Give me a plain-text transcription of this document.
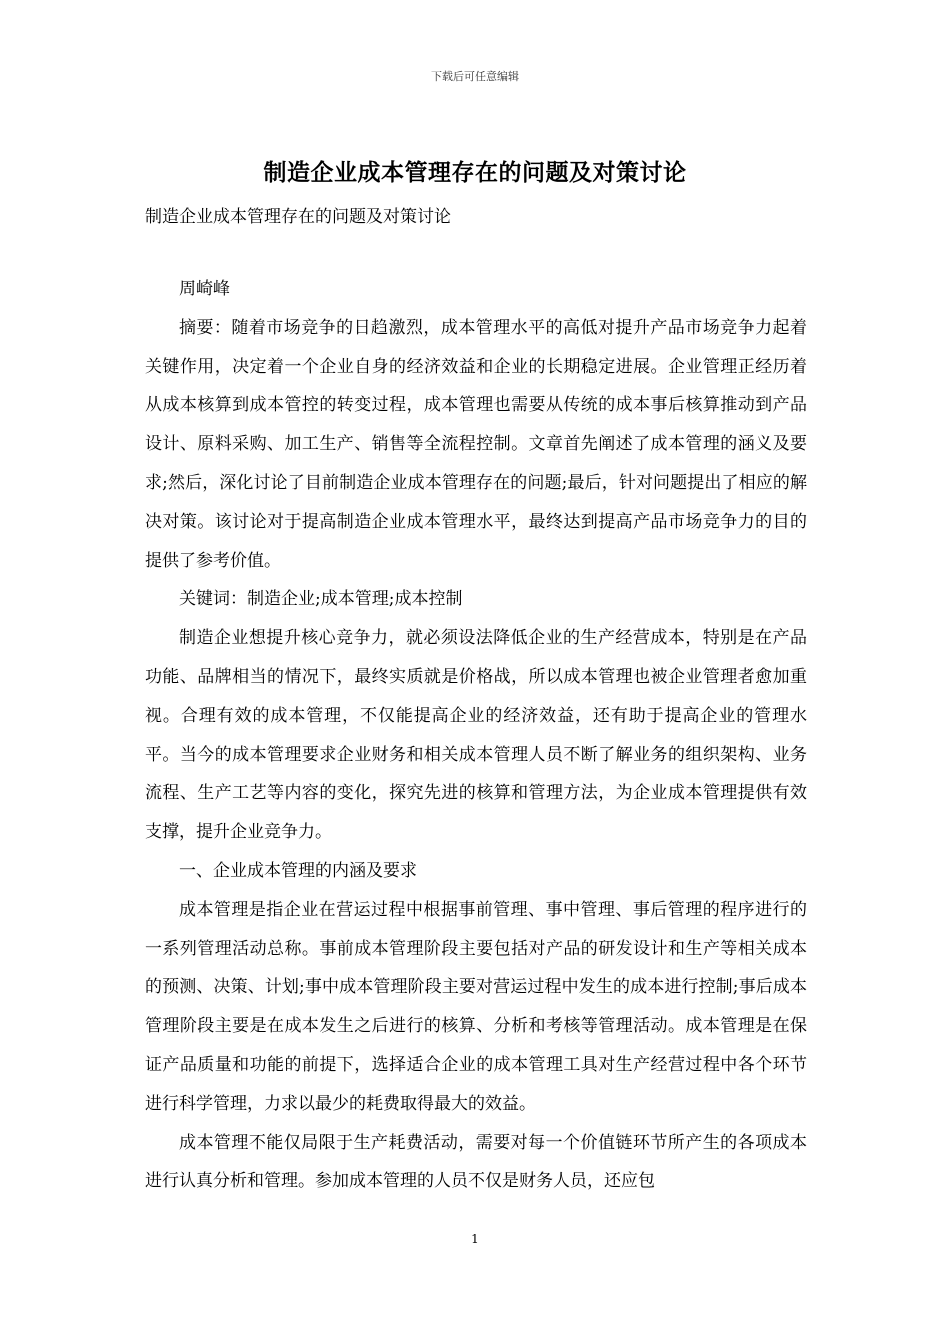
下载后可任意编辑
制造企业成本管理存在的问题及对策讨论
制造企业成本管理存在的问题及对策讨论

周崎峰

摘要：随着市场竞争的日趋激烈，成本管理水平的高低对提升产品市场竞争力起着关键作用，决定着一个企业自身的经济效益和企业的长期稳定进展。企业管理正经历着从成本核算到成本管控的转变过程，成本管理也需要从传统的成本事后核算推动到产品设计、原料采购、加工生产、销售等全流程控制。文章首先阐述了成本管理的涵义及要求;然后，深化讨论了目前制造企业成本管理存在的问题;最后，针对问题提出了相应的解决对策。该讨论对于提高制造企业成本管理水平，最终达到提高产品市场竞争力的目的提供了参考价值。

关键词：制造企业;成本管理;成本控制

制造企业想提升核心竞争力，就必须设法降低企业的生产经营成本，特别是在产品功能、品牌相当的情况下，最终实质就是价格战，所以成本管理也被企业管理者愈加重视。合理有效的成本管理，不仅能提高企业的经济效益，还有助于提高企业的管理水平。当今的成本管理要求企业财务和相关成本管理人员不断了解业务的组织架构、业务流程、生产工艺等内容的变化，探究先进的核算和管理方法，为企业成本管理提供有效支撑，提升企业竞争力。

一、企业成本管理的内涵及要求

成本管理是指企业在营运过程中根据事前管理、事中管理、事后管理的程序进行的一系列管理活动总称。事前成本管理阶段主要包括对产品的研发设计和生产等相关成本的预测、决策、计划;事中成本管理阶段主要对营运过程中发生的成本进行控制;事后成本管理阶段主要是在成本发生之后进行的核算、分析和考核等管理活动。成本管理是在保证产品质量和功能的前提下，选择适合企业的成本管理工具对生产经营过程中各个环节进行科学管理，力求以最少的耗费取得最大的效益。

成本管理不能仅局限于生产耗费活动，需要对每一个价值链环节所产生的各项成本进行认真分析和管理。参加成本管理的人员不仅是财务人员，还应包

1
